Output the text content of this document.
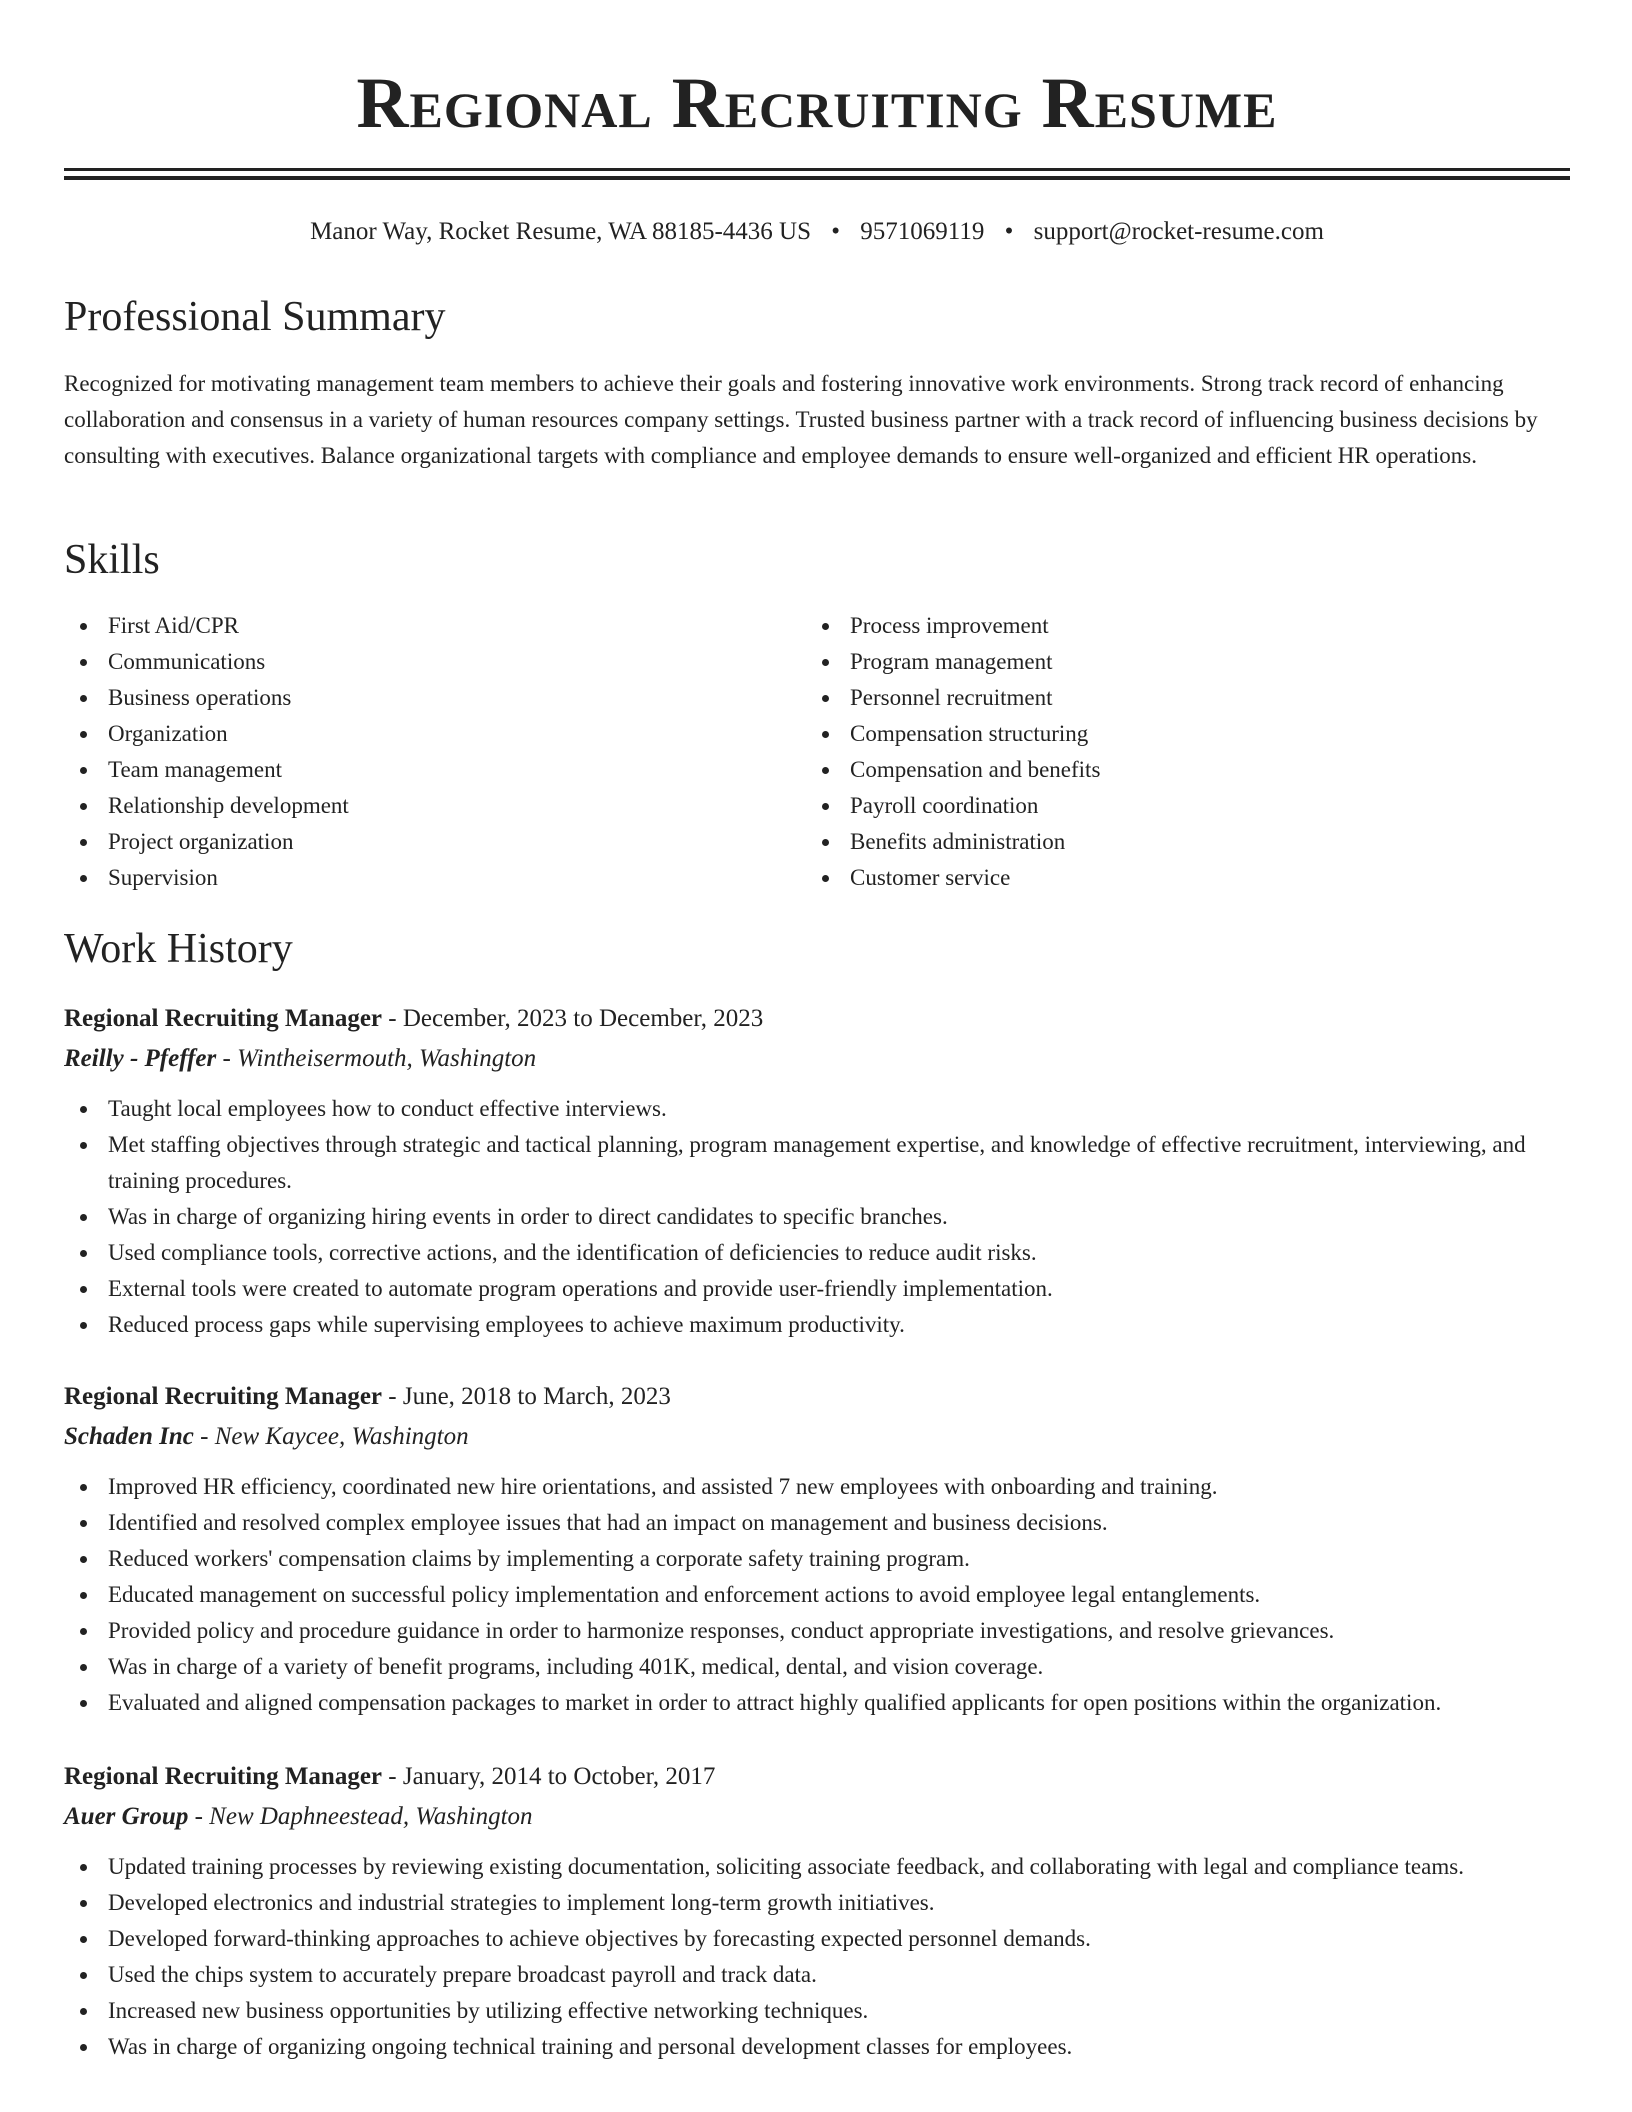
Regional Recruiting Resume
Manor Way, Rocket Resume, WA 88185-4436 US • 9571069119 • support@rocket-resume.com
Professional Summary

Recognized for motivating management team members to achieve their goals and fostering innovative work environments. Strong track record of enhancing collaboration and consensus in a variety of human resources company settings. Trusted business partner with a track record of influencing business decisions by consulting with executives. Balance organizational targets with compliance and employee demands to ensure well-organized and efficient HR operations.

Skills
First Aid/CPR
Communications
Business operations
Organization
Team management
Relationship development
Project organization
Supervision
Process improvement
Program management
Personnel recruitment
Compensation structuring
Compensation and benefits
Payroll coordination
Benefits administration
Customer service
Work History

Regional Recruiting Manager - December, 2023 to December, 2023

Reilly - Pfeffer - Wintheisermouth, Washington

Taught local employees how to conduct effective interviews.
Met staffing objectives through strategic and tactical planning, program management expertise, and knowledge of effective recruitment, interviewing, and training procedures.
Was in charge of organizing hiring events in order to direct candidates to specific branches.
Used compliance tools, corrective actions, and the identification of deficiencies to reduce audit risks.
External tools were created to automate program operations and provide user-friendly implementation.
Reduced process gaps while supervising employees to achieve maximum productivity.

Regional Recruiting Manager - June, 2018 to March, 2023

Schaden Inc - New Kaycee, Washington

Improved HR efficiency, coordinated new hire orientations, and assisted 7 new employees with onboarding and training.
Identified and resolved complex employee issues that had an impact on management and business decisions.
Reduced workers' compensation claims by implementing a corporate safety training program.
Educated management on successful policy implementation and enforcement actions to avoid employee legal entanglements.
Provided policy and procedure guidance in order to harmonize responses, conduct appropriate investigations, and resolve grievances.
Was in charge of a variety of benefit programs, including 401K, medical, dental, and vision coverage.
Evaluated and aligned compensation packages to market in order to attract highly qualified applicants for open positions within the organization.

Regional Recruiting Manager - January, 2014 to October, 2017

Auer Group - New Daphneestead, Washington

Updated training processes by reviewing existing documentation, soliciting associate feedback, and collaborating with legal and compliance teams.
Developed electronics and industrial strategies to implement long-term growth initiatives.
Developed forward-thinking approaches to achieve objectives by forecasting expected personnel demands.
Used the chips system to accurately prepare broadcast payroll and track data.
Increased new business opportunities by utilizing effective networking techniques.
Was in charge of organizing ongoing technical training and personal development classes for employees.
